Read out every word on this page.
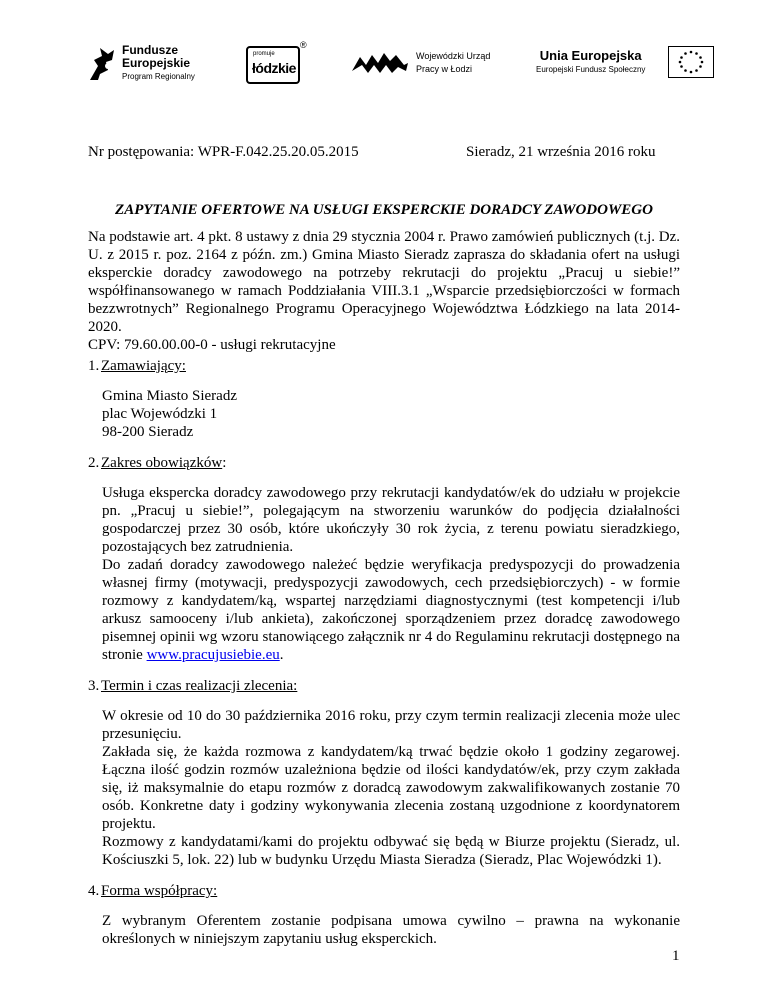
Fundusze
Europejskie
Program Regionalny
promuje
łódzkie
®
Wojewódzki Urząd
Pracy w Łodzi
Unia Europejska
Europejski Fundusz Społeczny
Nr postępowania: WPR-F.042.25.20.05.2015	Sieradz, 21 września 2016 roku
ZAPYTANIE OFERTOWE NA USŁUGI EKSPERCKIE DORADCY ZAWODOWEGO

Na podstawie art. 4 pkt. 8 ustawy z dnia 29 stycznia 2004 r. Prawo zamówień publicznych (t.j. Dz. U. z 2015 r. poz. 2164 z późn. zm.) Gmina Miasto Sieradz zaprasza do składania ofert na usługi eksperckie doradcy zawodowego na potrzeby rekrutacji do projektu „Pracuj u siebie!” współfinansowanego w ramach Poddziałania VIII.3.1 „Wsparcie przedsiębiorczości w formach bezzwrotnych” Regionalnego Programu Operacyjnego Województwa Łódzkiego na lata 2014-2020.

CPV: 79.60.00.00-0 - usługi rekrutacyjne

1. Zamawiający:
Gmina Miasto Sieradz
plac Wojewódzki 1
98-200 Sieradz
2. Zakres obowiązków :

Usługa ekspercka doradcy zawodowego przy rekrutacji kandydatów/ek do udziału w projekcie pn. „Pracuj u siebie!”, polegającym na stworzeniu warunków do podjęcia działalności gospodarczej przez 30 osób, które ukończyły 30 rok życia, z terenu powiatu sieradzkiego, pozostających bez zatrudnienia.

Do zadań doradcy zawodowego należeć będzie weryfikacja predyspozycji do prowadzenia własnej firmy (motywacji, predyspozycji zawodowych, cech przedsiębiorczych) - w formie rozmowy z kandydatem/ką, wspartej narzędziami diagnostycznymi (test kompetencji i/lub arkusz samooceny i/lub ankieta), zakończonej sporządzeniem przez doradcę zawodowego pisemnej opinii wg wzoru stanowiącego załącznik nr 4 do Regulaminu rekrutacji dostępnego na stronie www.pracujusiebie.eu.

3. Termin i czas realizacji zlecenia:

W okresie od 10 do 30 października 2016 roku, przy czym termin realizacji zlecenia może ulec przesunięciu.

Zakłada się, że każda rozmowa z kandydatem/ką trwać będzie około 1 godziny zegarowej. Łączna ilość godzin rozmów uzależniona będzie od ilości kandydatów/ek, przy czym zakłada się, iż maksymalnie do etapu rozmów z doradcą zawodowym zakwalifikowanych zostanie 70 osób. Konkretne daty i godziny wykonywania zlecenia zostaną uzgodnione z koordynatorem projektu.

Rozmowy z kandydatami/kami do projektu odbywać się będą w Biurze projektu (Sieradz, ul. Kościuszki 5, lok. 22) lub w budynku Urzędu Miasta Sieradza (Sieradz, Plac Wojewódzki 1).

4. Forma współpracy:

Z wybranym Oferentem zostanie podpisana umowa cywilno – prawna na wykonanie określonych w niniejszym zapytaniu usług eksperckich.

1
